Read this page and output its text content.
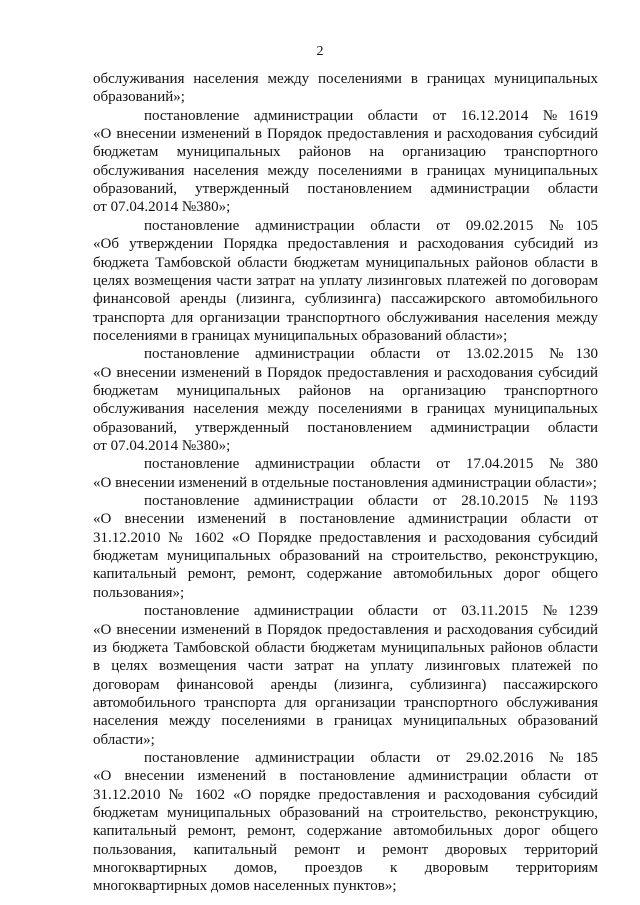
2
обслуживания населения между поселениями в границах муниципальных
образований»;
постановление администрации области от 16.12.2014 №1619
«О внесении изменений в Порядок предоставления и расходования субсидий
бюджетам муниципальных районов на организацию транспортного
обслуживания населения между поселениями в границах муниципальных
образований, утвержденный постановлением администрации области
от 07.04.2014 №380»;
постановление администрации области от 09.02.2015 №105
«Об утверждении Порядка предоставления и расходования субсидий из
бюджета Тамбовской области бюджетам муниципальных районов области в
целях возмещения части затрат на уплату лизинговых платежей по договорам
финансовой аренды (лизинга, сублизинга) пассажирского автомобильного
транспорта для организации транспортного обслуживания населения между
поселениями в границах муниципальных образований области»;
постановление администрации области от 13.02.2015 №130
«О внесении изменений в Порядок предоставления и расходования субсидий
бюджетам муниципальных районов на организацию транспортного
обслуживания населения между поселениями в границах муниципальных
образований, утвержденный постановлением администрации области
от 07.04.2014 №380»;
постановление администрации области от 17.04.2015 №380
«О внесении изменений в отдельные постановления администрации области»;
постановление администрации области от 28.10.2015 №1193
«О внесении изменений в постановление администрации области от
31.12.2010 № 1602 «О Порядке предоставления и расходования субсидий
бюджетам муниципальных образований на строительство, реконструкцию,
капитальный ремонт, ремонт, содержание автомобильных дорог общего
пользования»;
постановление администрации области от 03.11.2015 №1239
«О внесении изменений в Порядок предоставления и расходования субсидий
из бюджета Тамбовской области бюджетам муниципальных районов области
в целях возмещения части затрат на уплату лизинговых платежей по
договорам финансовой аренды (лизинга, сублизинга) пассажирского
автомобильного транспорта для организации транспортного обслуживания
населения между поселениями в границах муниципальных образований
области»;
постановление администрации области от 29.02.2016 №185
«О внесении изменений в постановление администрации области от
31.12.2010 № 1602 «О порядке предоставления и расходования субсидий
бюджетам муниципальных образований на строительство, реконструкцию,
капитальный ремонт, ремонт, содержание автомобильных дорог общего
пользования, капитальный ремонт и ремонт дворовых территорий
многоквартирных домов, проездов к дворовым территориям
многоквартирных домов населенных пунктов»;
